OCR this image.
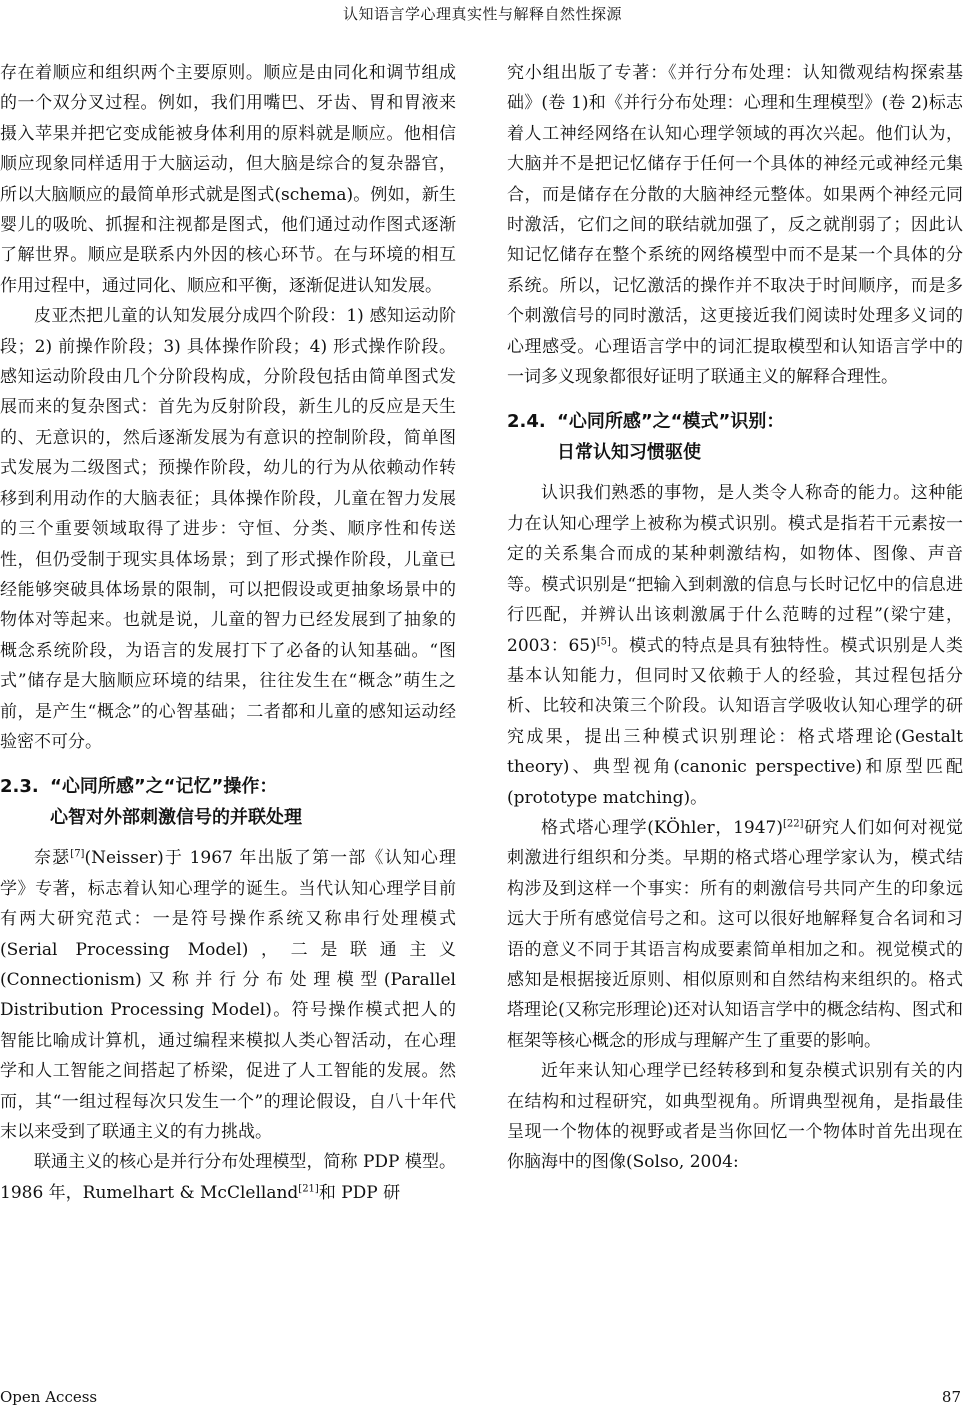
认知语言学心理真实性与解释自然性探源

存在着顺应和组织两个主要原则。顺应是由同化和调节组成的一个双分叉过程。例如，我们用嘴巴、牙齿、胃和胃液来摄入苹果并把它变成能被身体利用的原料就是顺应。他相信顺应现象同样适用于大脑运动，但大脑是综合的复杂器官，所以大脑顺应的最简单形式就是图式(schema)。例如，新生婴儿的吸吮、抓握和注视都是图式，他们通过动作图式逐渐了解世界。顺应是联系内外因的核心环节。在与环境的相互作用过程中，通过同化、顺应和平衡，逐渐促进认知发展。

皮亚杰把儿童的认知发展分成四个阶段：1) 感知运动阶段；2) 前操作阶段；3) 具体操作阶段；4) 形式操作阶段。感知运动阶段由几个分阶段构成，分阶段包括由简单图式发展而来的复杂图式：首先为反射阶段，新生儿的反应是天生的、无意识的，然后逐渐发展为有意识的控制阶段，简单图式发展为二级图式；预操作阶段，幼儿的行为从依赖动作转移到利用动作的大脑表征；具体操作阶段，儿童在智力发展的三个重要领域取得了进步：守恒、分类、顺序性和传送性，但仍受制于现实具体场景；到了形式操作阶段，儿童已经能够突破具体场景的限制，可以把假设或更抽象场景中的物体对等起来。也就是说，儿童的智力已经发展到了抽象的概念系统阶段，为语言的发展打下了必备的认知基础。“图式”储存是大脑顺应环境的结果，往往发生在“概念”萌生之前，是产生“概念”的心智基础；二者都和儿童的感知运动经验密不可分。

2.3. “心同所感”之“记忆”操作：
心智对外部刺激信号的并联处理

奈瑟[7](Neisser)于 1967 年出版了第一部《认知心理学》专著，标志着认知心理学的诞生。当代认知心理学目前有两大研究范式：一是符号操作系统又称串行处理模式(Serial Processing Model)，二是联通主义(Connectionism)又称并行分布处理模型(Parallel Distribution Processing Model)。符号操作模式把人的智能比喻成计算机，通过编程来模拟人类心智活动，在心理学和人工智能之间搭起了桥梁，促进了人工智能的发展。然而，其“一组过程每次只发生一个”的理论假设，自八十年代末以来受到了联通主义的有力挑战。

联通主义的核心是并行分布处理模型，简称 PDP 模型。1986 年，Rumelhart & McClelland[21]和 PDP 研

究小组出版了专著：《并行分布处理：认知微观结构探索基础》(卷 1)和《并行分布处理：心理和生理模型》(卷 2)标志着人工神经网络在认知心理学领域的再次兴起。他们认为，大脑并不是把记忆储存于任何一个具体的神经元或神经元集合，而是储存在分散的大脑神经元整体。如果两个神经元同时激活，它们之间的联结就加强了，反之就削弱了；因此认知记忆储存在整个系统的网络模型中而不是某一个具体的分系统。所以，记忆激活的操作并不取决于时间顺序，而是多个刺激信号的同时激活，这更接近我们阅读时处理多义词的心理感受。心理语言学中的词汇提取模型和认知语言学中的一词多义现象都很好证明了联通主义的解释合理性。

2.4. “心同所感”之“模式”识别：
日常认知习惯驱使

认识我们熟悉的事物，是人类令人称奇的能力。这种能力在认知心理学上被称为模式识别。模式是指若干元素按一定的关系集合而成的某种刺激结构，如物体、图像、声音等。模式识别是“把输入到刺激的信息与长时记忆中的信息进行匹配，并辨认出该刺激属于什么范畴的过程”(梁宁建，2003：65)[5]。模式的特点是具有独特性。模式识别是人类基本认知能力，但同时又依赖于人的经验，其过程包括分析、比较和决策三个阶段。认知语言学吸收认知心理学的研究成果，提出三种模式识别理论：格式塔理论(Gestalt theory)、典型视角(canonic perspective)和原型匹配(prototype matching)。

格式塔心理学(KÖhler，1947)[22]研究人们如何对视觉刺激进行组织和分类。早期的格式塔心理学家认为，模式结构涉及到这样一个事实：所有的刺激信号共同产生的印象远远大于所有感觉信号之和。这可以很好地解释复合名词和习语的意义不同于其语言构成要素简单相加之和。视觉模式的感知是根据接近原则、相似原则和自然结构来组织的。格式塔理论(又称完形理论)还对认知语言学中的概念结构、图式和框架等核心概念的形成与理解产生了重要的影响。

近年来认知心理学已经转移到和复杂模式识别有关的内在结构和过程研究，如典型视角。所谓典型视角，是指最佳呈现一个物体的视野或者是当你回忆一个物体时首先出现在你脑海中的图像(Solso, 2004:

Open Access	87
